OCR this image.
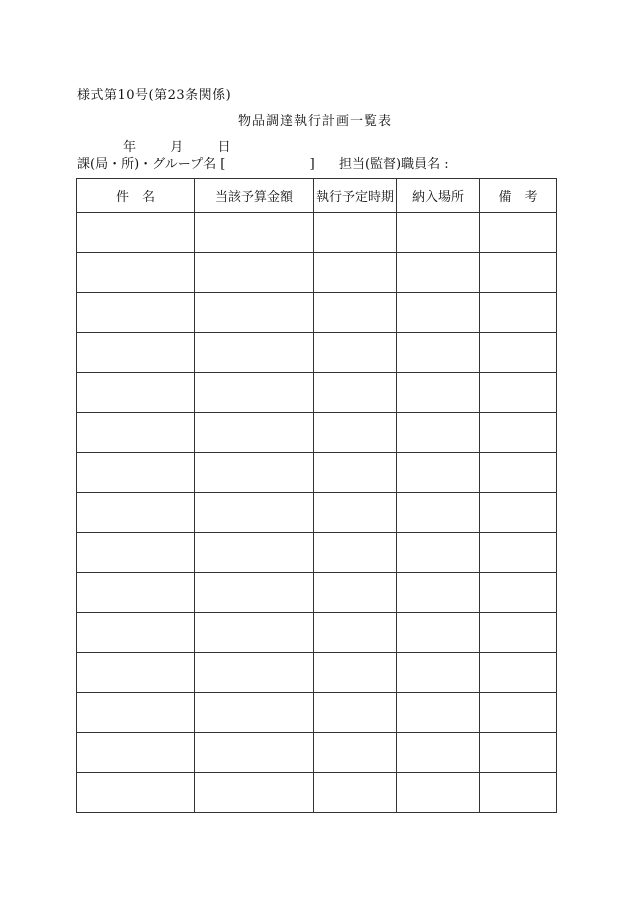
様式第10号(第23条関係)
物品調達執行計画一覧表
年	月	日
課(局・所)・グループ名 [	] 担当(監督)職員名 :
件　名	当該予算金額	執行予定時期	納入場所	備　考
